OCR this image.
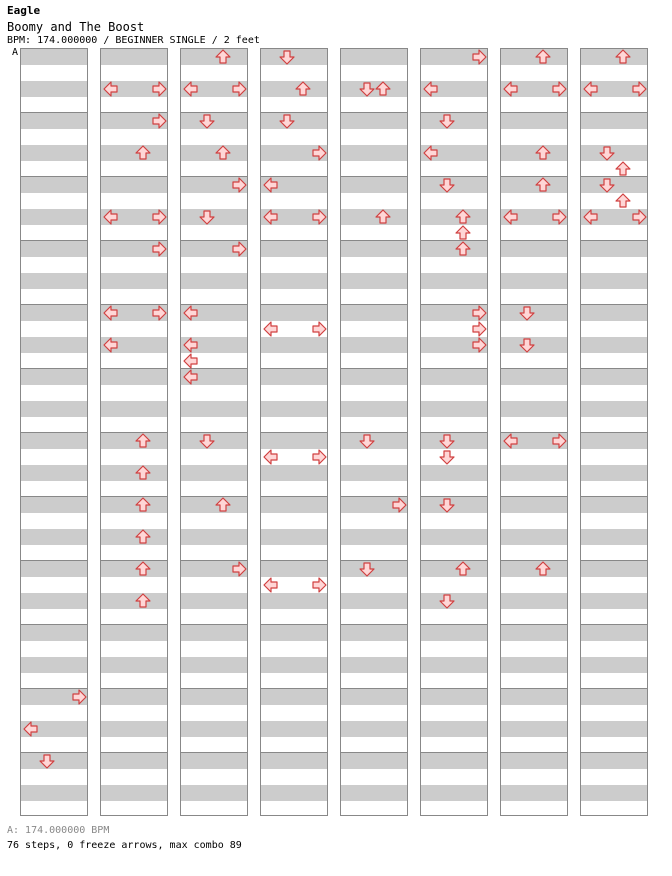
Eagle
Boomy and The Boost
BPM: 174.000000 / BEGINNER SINGLE / 2 feet
A
A: 174.000000 BPM
76 steps, 0 freeze arrows, max combo 89
